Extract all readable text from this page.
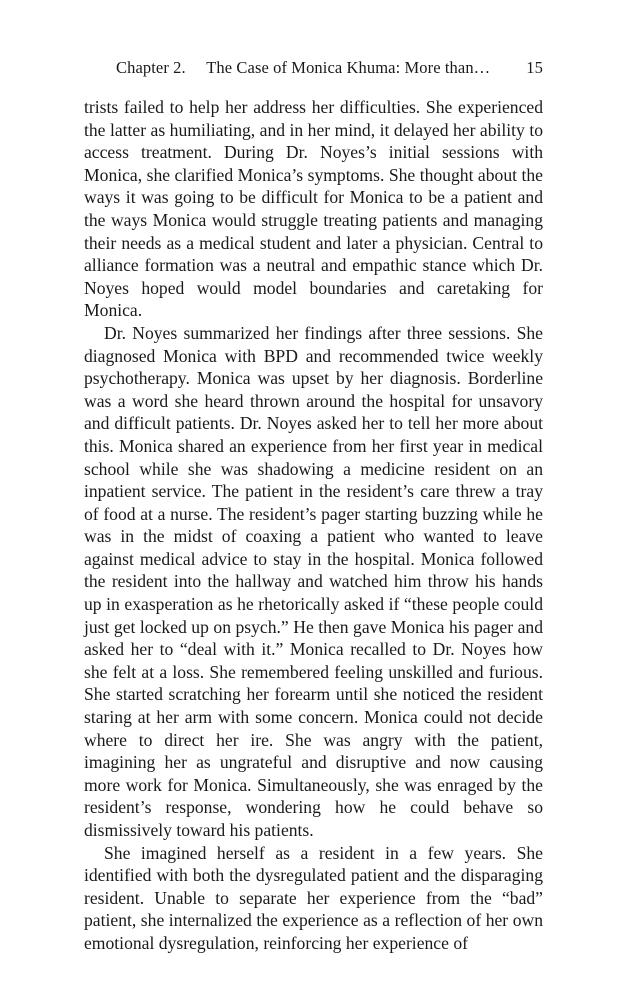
Chapter 2.  The Case of Monica Khuma: More than… 15

trists failed to help her address her difficulties. She experienced the latter as humiliating, and in her mind, it delayed her ability to access treatment. During Dr. Noyes’s initial sessions with Monica, she clarified Monica’s symptoms. She thought about the ways it was going to be difficult for Monica to be a patient and the ways Monica would struggle treating patients and managing their needs as a medical student and later a physician. Central to alliance formation was a neutral and empathic stance which Dr. Noyes hoped would model boundaries and caretaking for Monica.

Dr. Noyes summarized her findings after three sessions. She diagnosed Monica with BPD and recommended twice weekly psychotherapy. Monica was upset by her diagnosis. Borderline was a word she heard thrown around the hospital for unsavory and difficult patients. Dr. Noyes asked her to tell her more about this. Monica shared an experience from her first year in medical school while she was shadowing a medicine resident on an inpatient service. The patient in the resident’s care threw a tray of food at a nurse. The resident’s pager starting buzzing while he was in the midst of coaxing a patient who wanted to leave against medical advice to stay in the hospital. Monica followed the resident into the hallway and watched him throw his hands up in exasperation as he rhetorically asked if “these people could just get locked up on psych.” He then gave Monica his pager and asked her to “deal with it.” Monica recalled to Dr. Noyes how she felt at a loss. She remembered feeling unskilled and furious. She started scratching her forearm until she noticed the resident staring at her arm with some concern. Monica could not decide where to direct her ire. She was angry with the patient, imagining her as ungrateful and disruptive and now causing more work for Monica. Simultaneously, she was enraged by the resident’s response, wondering how he could behave so dismissively toward his patients.

She imagined herself as a resident in a few years. She identified with both the dysregulated patient and the disparaging resident. Unable to separate her experience from the “bad” patient, she internalized the experience as a reflection of her own emotional dysregulation, reinforcing her experience of
